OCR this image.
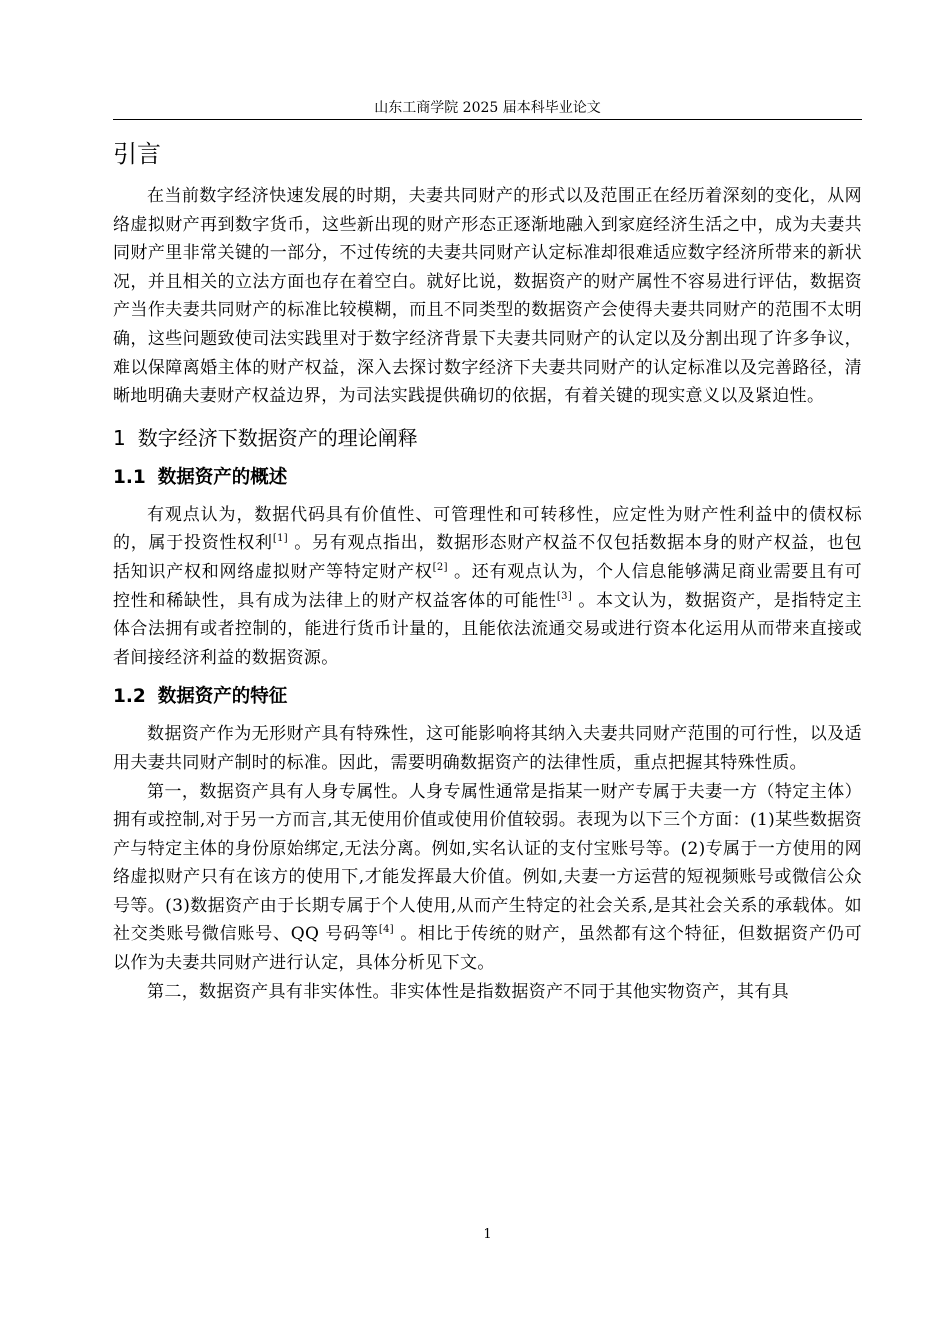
山东工商学院 2025 届本科毕业论文
引言

在当前数字经济快速发展的时期，夫妻共同财产的形式以及范围正在经历着深刻的变化，从网络虚拟财产再到数字货币，这些新出现的财产形态正逐渐地融入到家庭经济生活之中，成为夫妻共同财产里非常关键的一部分，不过传统的夫妻共同财产认定标准却很难适应数字经济所带来的新状况，并且相关的立法方面也存在着空白。就好比说，数据资产的财产属性不容易进行评估，数据资产当作夫妻共同财产的标准比较模糊，而且不同类型的数据资产会使得夫妻共同财产的范围不太明确，这些问题致使司法实践里对于数字经济背景下夫妻共同财产的认定以及分割出现了许多争议，难以保障离婚主体的财产权益，深入去探讨数字经济下夫妻共同财产的认定标准以及完善路径，清晰地明确夫妻财产权益边界，为司法实践提供确切的依据，有着关键的现实意义以及紧迫性。

1 数字经济下数据资产的理论阐释
1.1 数据资产的概述

有观点认为，数据代码具有价值性、可管理性和可转移性，应定性为财产性利益中的债权标的，属于投资性权利[1] 。另有观点指出，数据形态财产权益不仅包括数据本身的财产权益，也包括知识产权和网络虚拟财产等特定财产权[2] 。还有观点认为，个人信息能够满足商业需要且有可控性和稀缺性，具有成为法律上的财产权益客体的可能性[3] 。本文认为，数据资产，是指特定主体合法拥有或者控制的，能进行货币计量的，且能依法流通交易或进行资本化运用从而带来直接或者间接经济利益的数据资源。

1.2 数据资产的特征

数据资产作为无形财产具有特殊性，这可能影响将其纳入夫妻共同财产范围的可行性，以及适用夫妻共同财产制时的标准。因此，需要明确数据资产的法律性质，重点把握其特殊性质。

第一，数据资产具有人身专属性。人身专属性通常是指某一财产专属于夫妻一方（特定主体）拥有或控制,对于另一方而言,其无使用价值或使用价值较弱。表现为以下三个方面：(1)某些数据资产与特定主体的身份原始绑定,无法分离。例如,实名认证的支付宝账号等。(2)专属于一方使用的网络虚拟财产只有在该方的使用下,才能发挥最大价值。例如,夫妻一方运营的短视频账号或微信公众号等。(3)数据资产由于长期专属于个人使用,从而产生特定的社会关系,是其社会关系的承载体。如社交类账号微信账号、QQ 号码等[4] 。相比于传统的财产，虽然都有这个特征，但数据资产仍可以作为夫妻共同财产进行认定，具体分析见下文。

第二，数据资产具有非实体性。非实体性是指数据资产不同于其他实物资产，其有具

1
